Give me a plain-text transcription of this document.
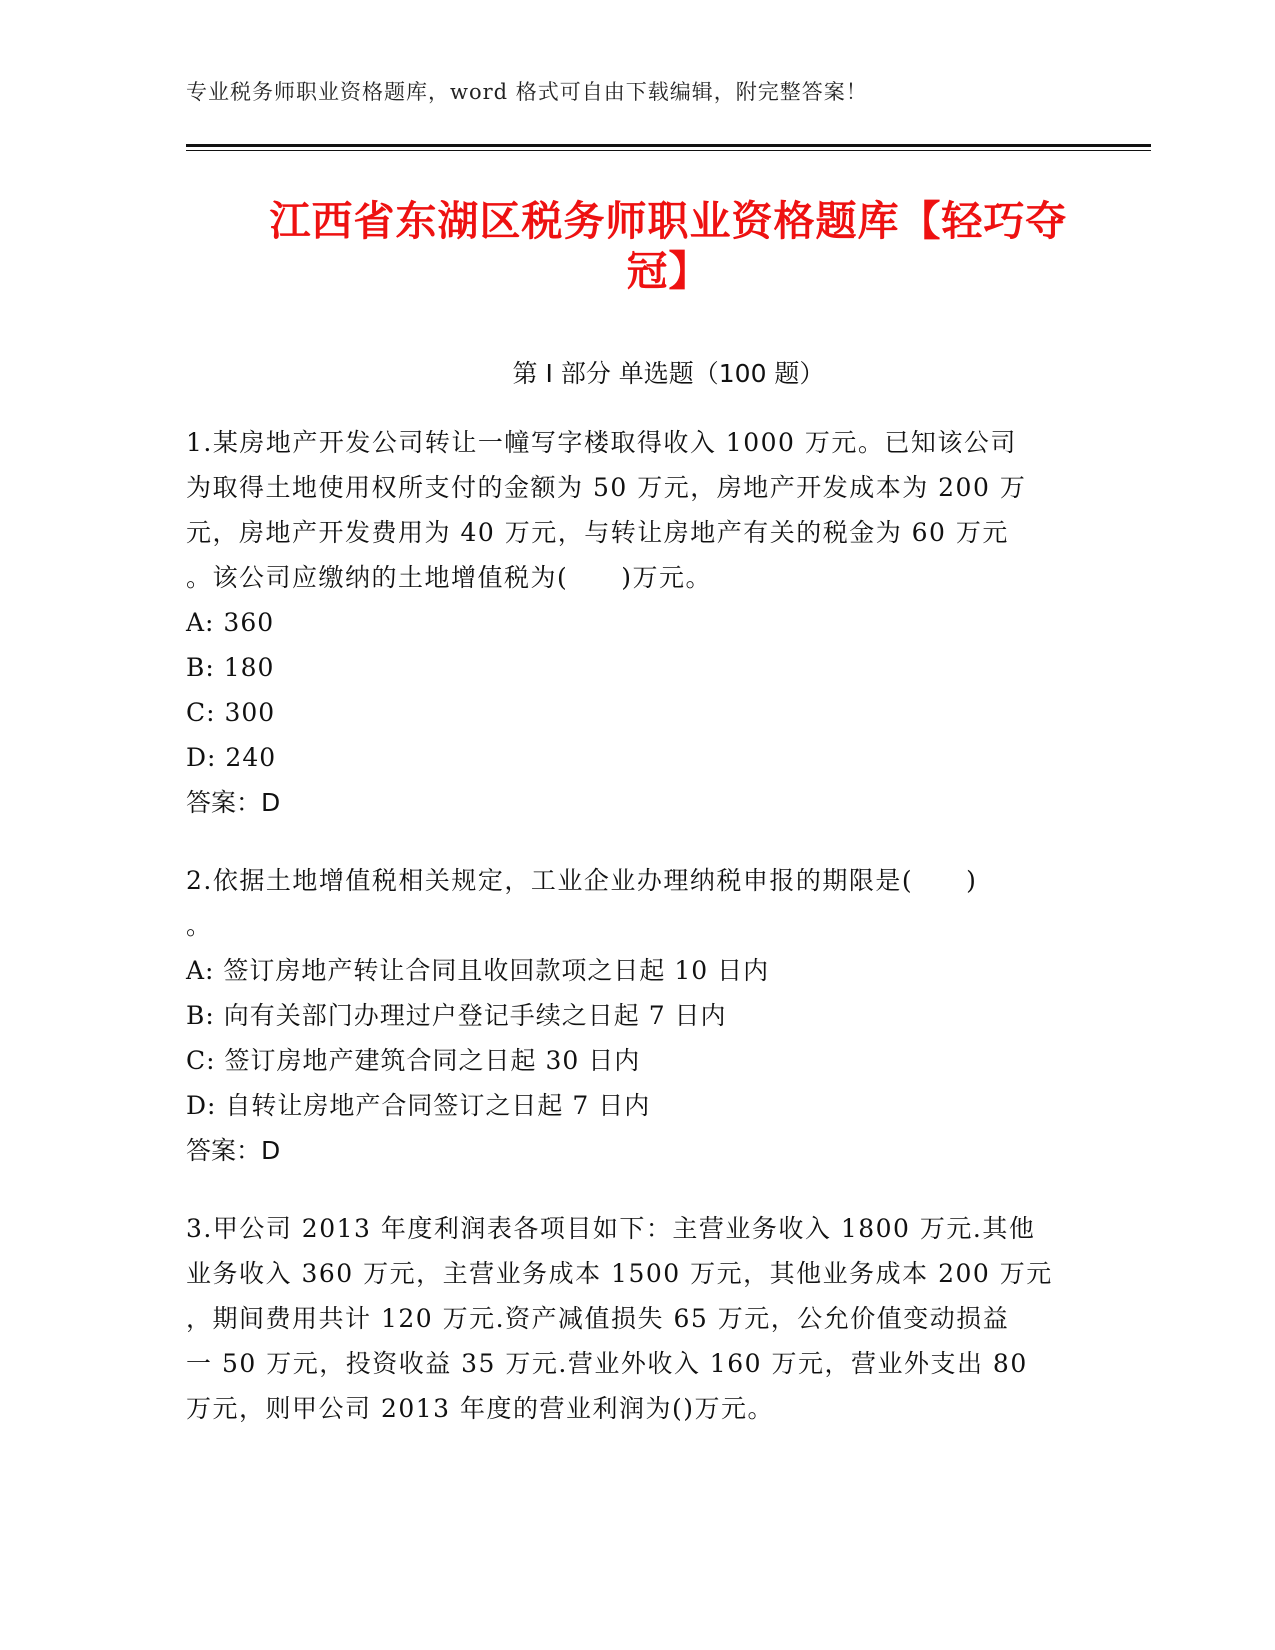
专业税务师职业资格题库，word 格式可自由下载编辑，附完整答案！
江西省东湖区税务师职业资格题库【轻巧夺
冠】
第 I 部分 单选题（100 题）

1.某房地产开发公司转让一幢写字楼取得收入 1000 万元。已知该公司

为取得土地使用权所支付的金额为 50 万元，房地产开发成本为 200 万

元，房地产开发费用为 40 万元，与转让房地产有关的税金为 60 万元

。该公司应缴纳的土地增值税为(　　)万元。

A: 360

B: 180

C: 300

D: 240

答案：D

2.依据土地增值税相关规定，工业企业办理纳税申报的期限是(　　)

。

A: 签订房地产转让合同且收回款项之日起 10 日内

B: 向有关部门办理过户登记手续之日起 7 日内

C: 签订房地产建筑合同之日起 30 日内

D: 自转让房地产合同签订之日起 7 日内

答案：D

3.甲公司 2013 年度利润表各项目如下：主营业务收入 1800 万元.其他

业务收入 360 万元，主营业务成本 1500 万元，其他业务成本 200 万元

，期间费用共计 120 万元.资产减值损失 65 万元，公允价值变动损益

一 50 万元，投资收益 35 万元.营业外收入 160 万元，营业外支出 80

万元，则甲公司 2013 年度的营业利润为()万元。
